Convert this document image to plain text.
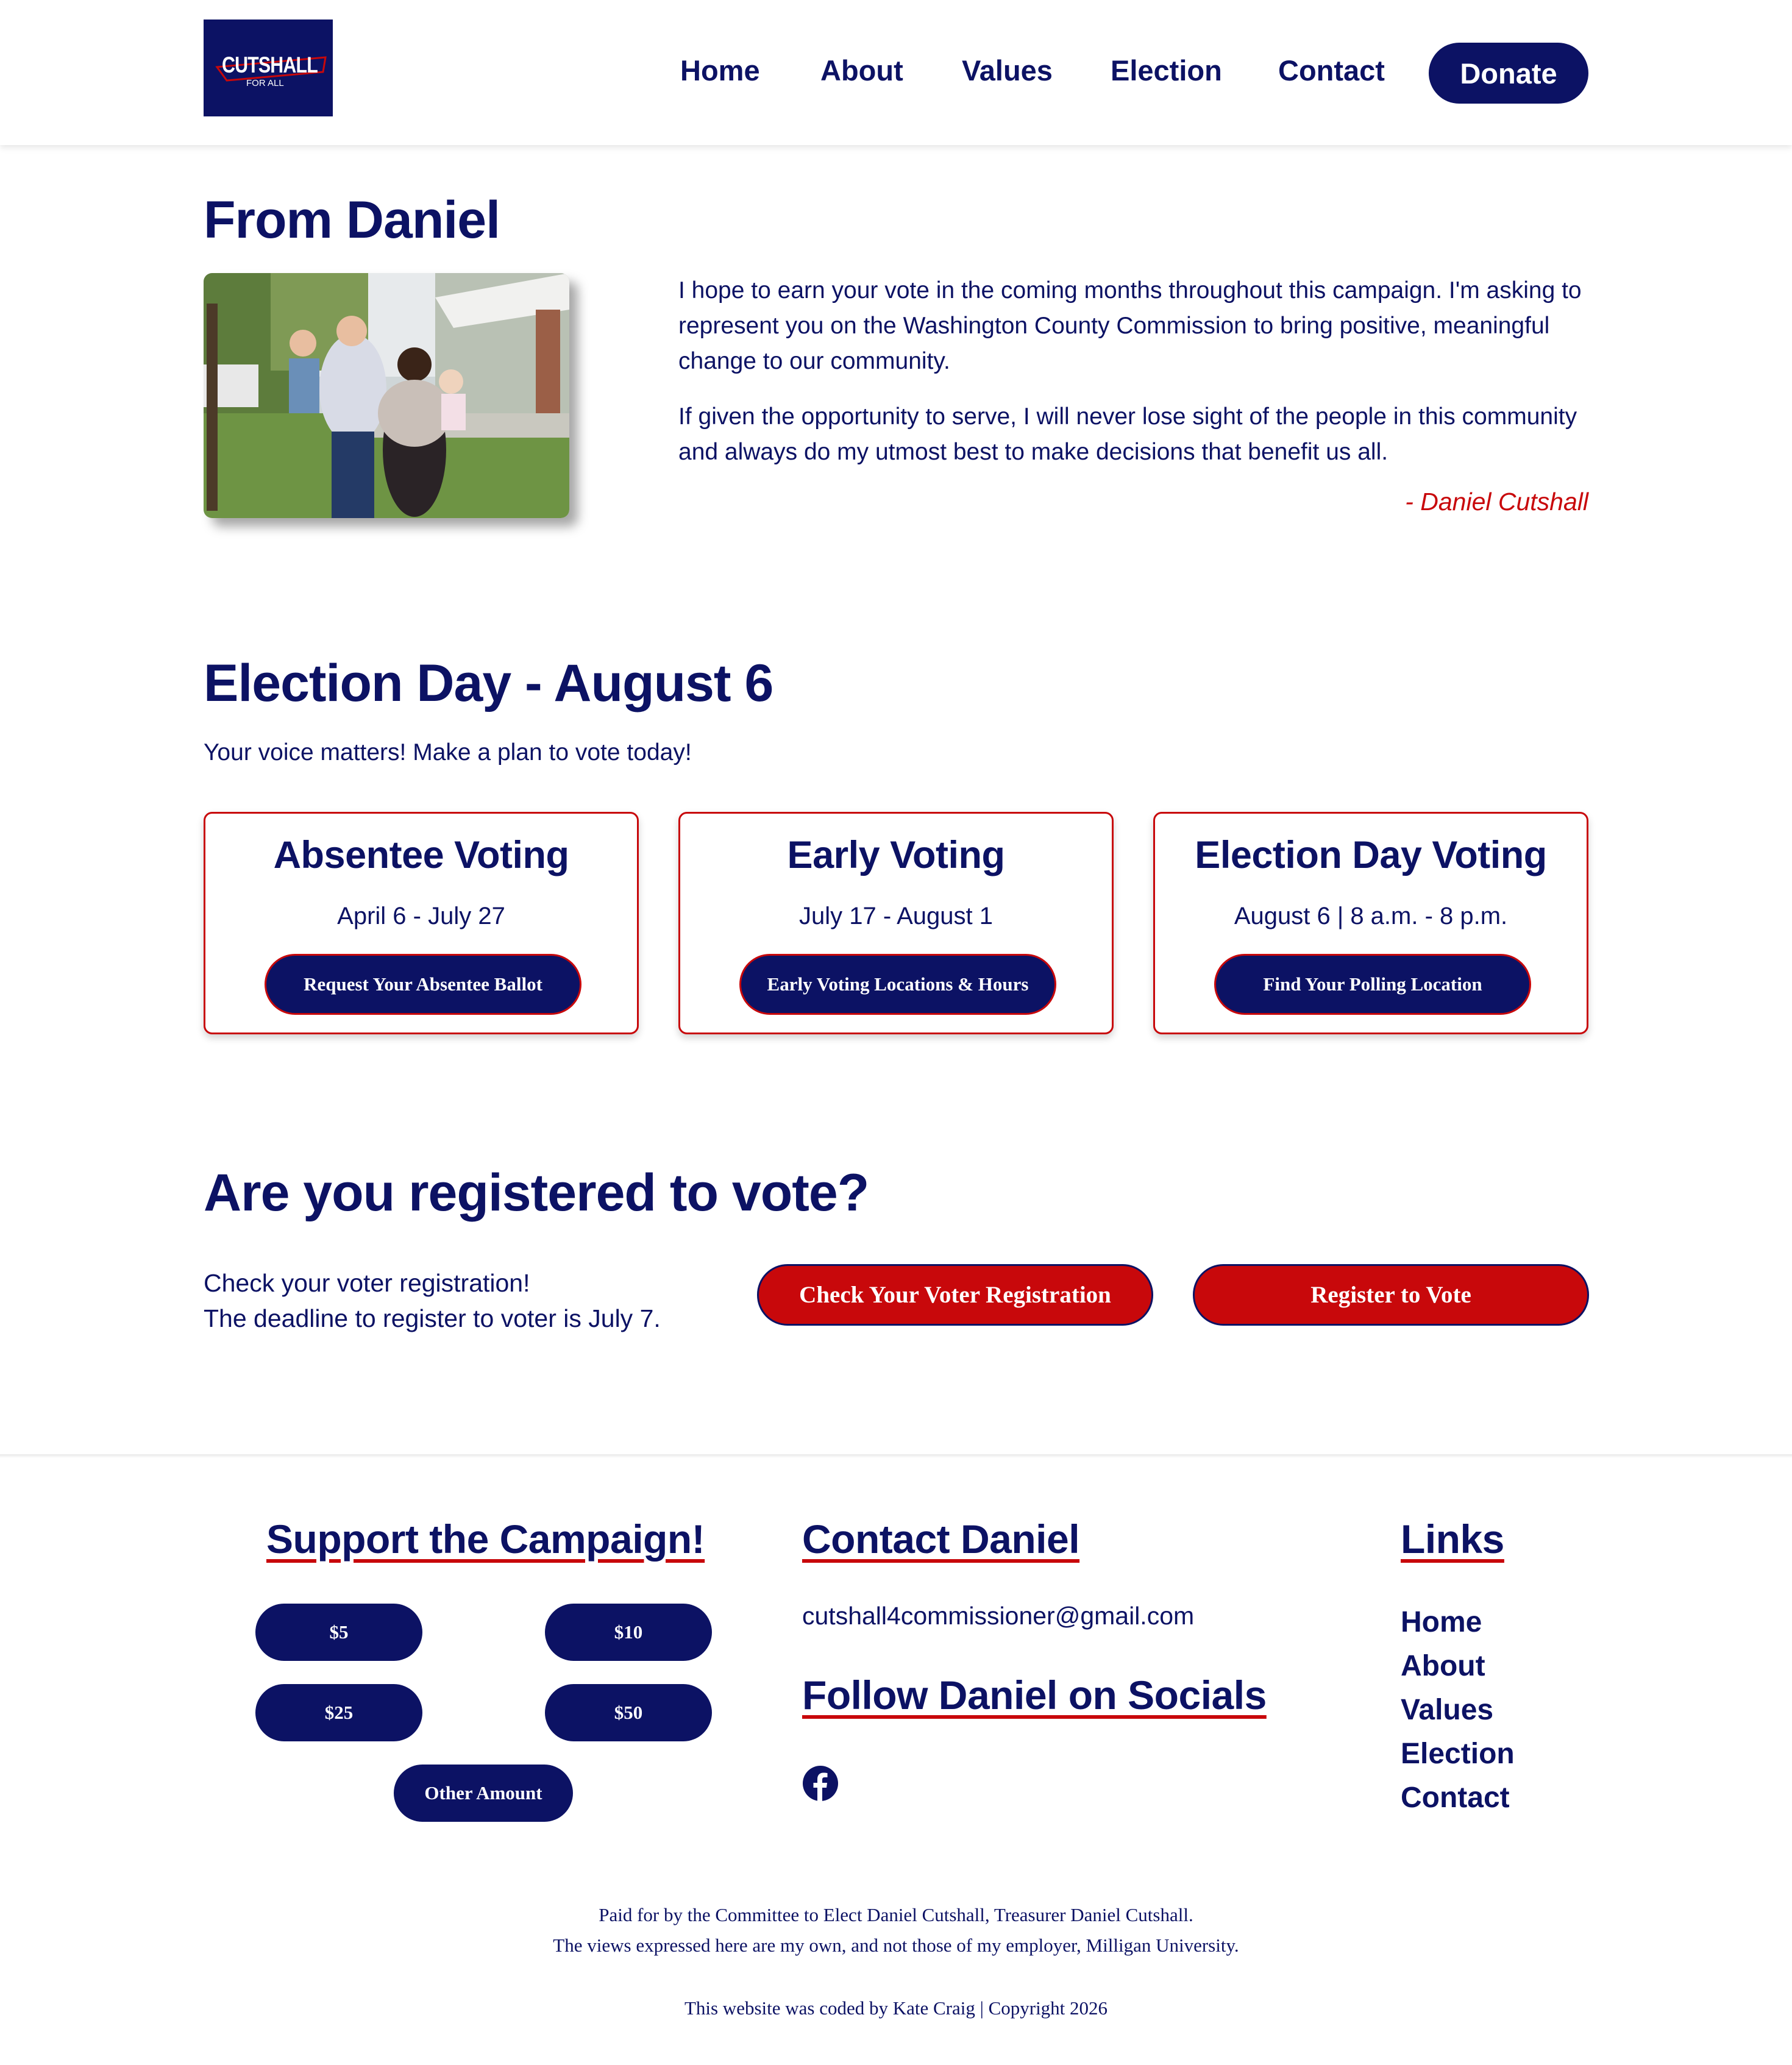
CUTSHALL
FOR ALL	Home About Values Election Contact	Donate
From Daniel

I hope to earn your vote in the coming months throughout this campaign. I'm asking to represent you on the Washington County Commission to bring positive, meaningful change to our community.

If given the opportunity to serve, I will never lose sight of the people in this community and always do my utmost best to make decisions that benefit us all.

- Daniel Cutshall
Election Day - August 6

Your voice matters! Make a plan to vote today!

Absentee Voting
April 6 - July 27
Request Your Absentee Ballot
Early Voting
July 17 - August 1
Early Voting Locations & Hours
Election Day Voting
August 6 | 8 a.m. - 8 p.m.
Find Your Polling Location
Are you registered to vote?
Check your voter registration!
The deadline to register to voter is July 7.
Check Your Voter Registration	Register to Vote
Support the Campaign!
$5	$10
$25	$50
Other Amount
Contact Daniel
cutshall4commissioner@gmail.com
Follow Daniel on Socials
Links
Home
About
Values
Election
Contact

Paid for by the Committee to Elect Daniel Cutshall, Treasurer Daniel Cutshall.

The views expressed here are my own, and not those of my employer, Milligan University.

This website was coded by Kate Craig | Copyright 2026
